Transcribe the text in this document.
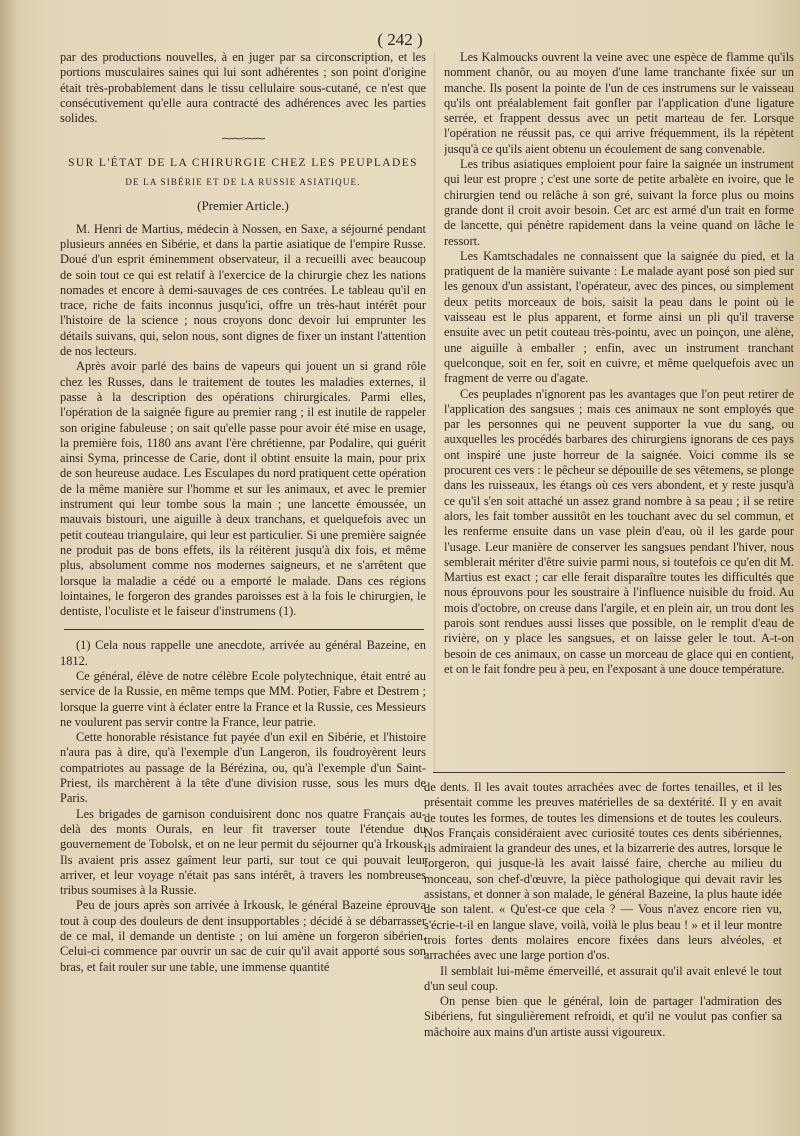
( 242 )

par des productions nouvelles, à en juger par sa circonscription, et les portions musculaires saines qui lui sont adhérentes ; son point d'origine était très-probablement dans le tissu cellulaire sous-cutané, ce n'est que consécutivement qu'elle aura contracté des adhérences avec les parties solides.

⁓⁓◦⁓⁓
SUR L'ÉTAT DE LA CHIRURGIE CHEZ LES PEUPLADES
DE LA SIBÉRIE ET DE LA RUSSIE ASIATIQUE.
(Premier Article.)

M. Henri de Martius, médecin à Nossen, en Saxe, a séjourné pendant plusieurs années en Sibérie, et dans la partie asiatique de l'empire Russe. Doué d'un esprit éminemment observateur, il a recueilli avec beaucoup de soin tout ce qui est relatif à l'exercice de la chirurgie chez les nations nomades et encore à demi-sauvages de ces contrées. Le tableau qu'il en trace, riche de faits inconnus jusqu'ici, offre un très-haut intérêt pour l'histoire de la science ; nous croyons donc devoir lui emprunter les détails suivans, qui, selon nous, sont dignes de fixer un instant l'attention de nos lecteurs.

Après avoir parlé des bains de vapeurs qui jouent un si grand rôle chez les Russes, dans le traitement de toutes les maladies externes, il passe à la description des opérations chirurgicales. Parmi elles, l'opération de la saignée figure au premier rang ; il est inutile de rappeler son origine fabuleuse ; on sait qu'elle passe pour avoir été mise en usage, la première fois, 1180 ans avant l'ère chrétienne, par Podalire, qui guérit ainsi Syma, princesse de Carie, dont il obtint ensuite la main, pour prix de son heureuse audace. Les Esculapes du nord pratiquent cette opération de la même manière sur l'homme et sur les animaux, et avec le premier instrument qui leur tombe sous la main ; une lancette émoussée, un mauvais bistouri, une aiguille à deux tranchans, et quelquefois avec un petit couteau triangulaire, qui leur est particulier. Si une première saignée ne produit pas de bons effets, ils la réitèrent jusqu'à dix fois, et même plus, absolument comme nos modernes saigneurs, et ne s'arrêtent que lorsque la maladie a cédé ou a emporté le malade. Dans ces régions lointaines, le forgeron des grandes paroisses est à la fois le chirurgien, le dentiste, l'oculiste et le faiseur d'instrumens (1).

(1) Cela nous rappelle une anecdote, arrivée au général Bazeine, en 1812.

Ce général, élève de notre célèbre Ecole polytechnique, était entré au service de la Russie, en même temps que MM. Potier, Fabre et Destrem ; lorsque la guerre vint à éclater entre la France et la Russie, ces Messieurs ne voulurent pas servir contre la France, leur patrie.

Cette honorable résistance fut payée d'un exil en Sibérie, et l'histoire n'aura pas à dire, qu'à l'exemple d'un Langeron, ils foudroyèrent leurs compatriotes au passage de la Bérézina, ou, qu'à l'exemple d'un Saint-Priest, ils marchèrent à la tête d'une division russe, sous les murs de Paris.

Les brigades de garnison conduisirent donc nos quatre Français au-delà des monts Ourals, en leur fit traverser toute l'étendue du gouvernement de Tobolsk, et on ne leur permit du séjourner qu'à Irkousk. Ils avaient pris assez gaîment leur parti, sur tout ce qui pouvait leur arriver, et leur voyage n'était pas sans intérêt, à travers les nombreuses tribus soumises à la Russie.

Peu de jours après son arrivée à Irkousk, le général Bazeine éprouva tout à coup des douleurs de dent insupportables ; décidé à se débarrasser de ce mal, il demande un dentiste ; on lui amène un forgeron sibérien. Celui-ci commence par ouvrir un sac de cuir qu'il avait apporté sous son bras, et fait rouler sur une table, une immense quantité

Les Kalmoucks ouvrent la veine avec une espèce de flamme qu'ils nomment chanôr, ou au moyen d'une lame tranchante fixée sur un manche. Ils posent la pointe de l'un de ces instrumens sur le vaisseau qu'ils ont préalablement fait gonfler par l'application d'une ligature serrée, et frappent dessus avec un petit marteau de fer. Lorsque l'opération ne réussit pas, ce qui arrive fréquemment, ils la répètent jusqu'à ce qu'ils aient obtenu un écoulement de sang convenable.

Les tribus asiatiques emploient pour faire la saignée un instrument qui leur est propre ; c'est une sorte de petite arbalète en ivoire, que le chirurgien tend ou relâche à son gré, suivant la force plus ou moins grande dont il croit avoir besoin. Cet arc est armé d'un trait en forme de lancette, qui pénètre rapidement dans la veine quand on lâche le ressort.

Les Kamtschadales ne connaissent que la saignée du pied, et la pratiquent de la manière suivante : Le malade ayant posé son pied sur les genoux d'un assistant, l'opérateur, avec des pinces, ou simplement deux petits morceaux de bois, saisit la peau dans le point où le vaisseau est le plus apparent, et forme ainsi un pli qu'il traverse ensuite avec un petit couteau très-pointu, avec un poinçon, une alène, une aiguille à emballer ; enfin, avec un instrument tranchant quelconque, soit en fer, soit en cuivre, et même quelquefois avec un fragment de verre ou d'agate.

Ces peuplades n'ignorent pas les avantages que l'on peut retirer de l'application des sangsues ; mais ces animaux ne sont employés que par les personnes qui ne peuvent supporter la vue du sang, ou auxquelles les procédés barbares des chirurgiens ignorans de ces pays ont inspiré une juste horreur de la saignée. Voici comme ils se procurent ces vers : le pêcheur se dépouille de ses vêtemens, se plonge dans les ruisseaux, les étangs où ces vers abondent, et y reste jusqu'à ce qu'il s'en soit attaché un assez grand nombre à sa peau ; il se retire alors, les fait tomber aussitôt en les touchant avec du sel commun, et les renferme ensuite dans un vase plein d'eau, où il les garde pour l'usage. Leur manière de conserver les sangsues pendant l'hiver, nous semblerait mériter d'être suivie parmi nous, si toutefois ce qu'en dit M. Martius est exact ; car elle ferait disparaître toutes les difficultés que nous éprouvons pour les soustraire à l'influence nuisible du froid. Au mois d'octobre, on creuse dans l'argile, et en plein air, un trou dont les parois sont rendues aussi lisses que possible, on le remplit d'eau de rivière, on y place les sangsues, et on laisse geler le tout. A-t-on besoin de ces animaux, on casse un morceau de glace qui en contient, et on le fait fondre peu à peu, en l'exposant à une douce température.

de dents. Il les avait toutes arrachées avec de fortes tenailles, et il les présentait comme les preuves matérielles de sa dextérité. Il y en avait de toutes les formes, de toutes les dimensions et de toutes les couleurs. Nos Français considéraient avec curiosité toutes ces dents sibériennes, ils admiraient la grandeur des unes, et la bizarrerie des autres, lorsque le forgeron, qui jusque-là les avait laissé faire, cherche au milieu du monceau, son chef-d'œuvre, la pièce pathologique qui devait ravir les assistans, et donner à son malade, le général Bazeine, la plus haute idée de son talent. « Qu'est-ce que cela ? — Vous n'avez encore rien vu, s'écrie-t-il en langue slave, voilà, voilà le plus beau ! » et il leur montre trois fortes dents molaires encore fixées dans leurs alvéoles, et arrachées avec une large portion d'os.

Il semblait lui-même émerveillé, et assurait qu'il avait enlevé le tout d'un seul coup.

On pense bien que le général, loin de partager l'admiration des Sibériens, fut singulièrement refroidi, et qu'il ne voulut pas confier sa mâchoire aux mains d'un artiste aussi vigoureux.
